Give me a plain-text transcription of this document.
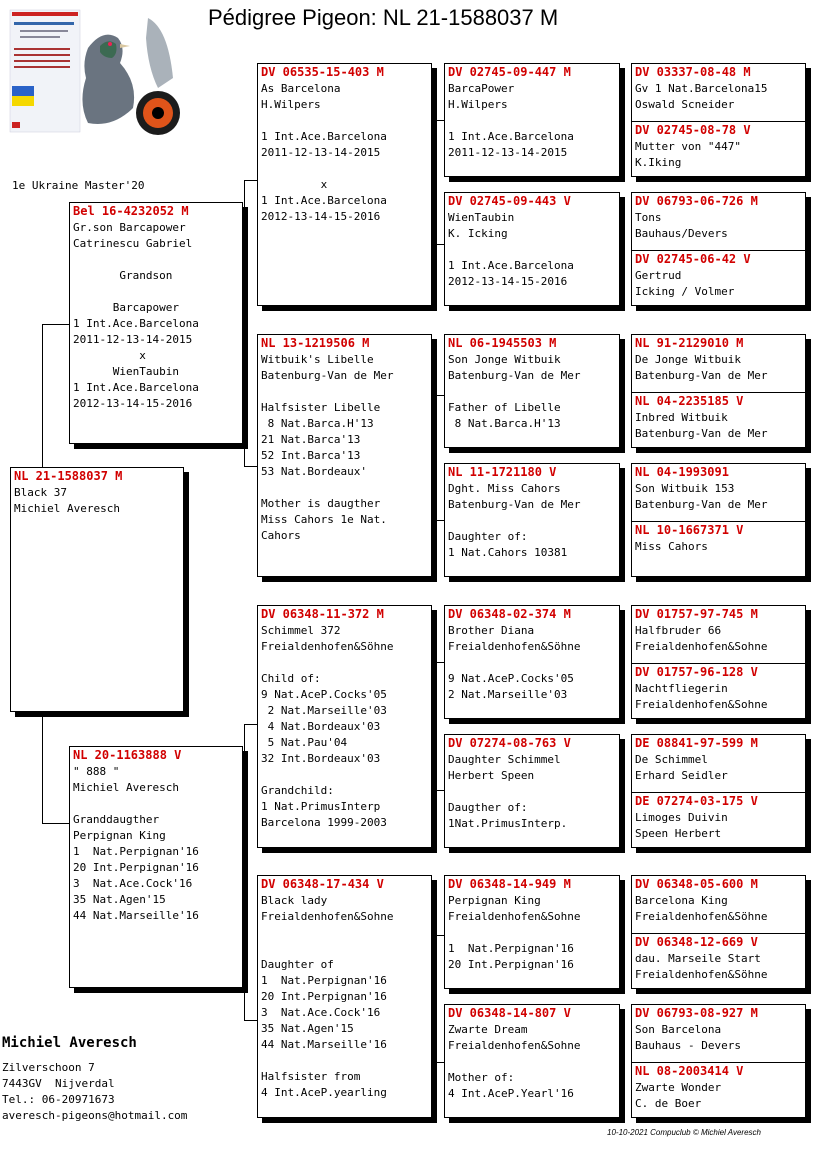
Pédigree Pigeon: NL 21-1588037 M
1e Ukraine Master'20
NL 21-1588037 M
Black 37
Michiel Averesch
Bel 16-4232052 M
Gr.son Barcapower
Catrinescu Gabriel

Grandson

Barcapower
1 Int.Ace.Barcelona
2011-12-13-14-2015
x
WienTaubin
1 Int.Ace.Barcelona
2012-13-14-15-2016
NL 20-1163888 V
" 888 "
Michiel Averesch

Granddaugther
Perpignan King
1  Nat.Perpignan'16
20 Int.Perpignan'16
3  Nat.Ace.Cock'16
35 Nat.Agen'15
44 Nat.Marseille'16
DV 06535-15-403 M
As Barcelona
H.Wilpers

1 Int.Ace.Barcelona
2011-12-13-14-2015

x
1 Int.Ace.Barcelona
2012-13-14-15-2016
NL 13-1219506 M
Witbuik's Libelle
Batenburg-Van de Mer

Halfsister Libelle
8 Nat.Barca.H'13
21 Nat.Barca'13
52 Int.Barca'13
53 Nat.Bordeaux'

Mother is daugther
Miss Cahors 1e Nat.
Cahors
DV 06348-11-372 M
Schimmel 372
Freialdenhofen&Söhne

Child of:
9 Nat.AceP.Cocks'05
2 Nat.Marseille'03
4 Nat.Bordeaux'03
5 Nat.Pau'04
32 Int.Bordeaux'03

Grandchild:
1 Nat.PrimusInterp
Barcelona 1999-2003
DV 06348-17-434 V
Black lady
Freialdenhofen&Sohne

Daughter of
1  Nat.Perpignan'16
20 Int.Perpignan'16
3  Nat.Ace.Cock'16
35 Nat.Agen'15
44 Nat.Marseille'16

Halfsister from
4 Int.AceP.yearling
DV 02745-09-447 M
BarcaPower
H.Wilpers

1 Int.Ace.Barcelona
2011-12-13-14-2015
DV 02745-09-443 V
WienTaubin
K. Icking

1 Int.Ace.Barcelona
2012-13-14-15-2016
NL 06-1945503 M
Son Jonge Witbuik
Batenburg-Van de Mer

Father of Libelle
8 Nat.Barca.H'13
NL 11-1721180 V
Dght. Miss Cahors
Batenburg-Van de Mer

Daughter of:
1 Nat.Cahors 10381
DV 06348-02-374 M
Brother Diana
Freialdenhofen&Söhne

9 Nat.AceP.Cocks'05
2 Nat.Marseille'03
DV 07274-08-763 V
Daughter Schimmel
Herbert Speen

Daugther of:
1Nat.PrimusInterp.
DV 06348-14-949 M
Perpignan King
Freialdenhofen&Sohne

1  Nat.Perpignan'16
20 Int.Perpignan'16
DV 06348-14-807 V
Zwarte Dream
Freialdenhofen&Sohne

Mother of:
4 Int.AceP.Yearl'16
DV 03337-08-48 M
Gv 1 Nat.Barcelona15
Oswald Scneider
DV 02745-08-78 V
Mutter von "447"
K.Iking
DV 06793-06-726 M
Tons
Bauhaus/Devers
DV 02745-06-42 V
Gertrud
Icking / Volmer
NL 91-2129010 M
De Jonge Witbuik
Batenburg-Van de Mer
NL 04-2235185 V
Inbred Witbuik
Batenburg-Van de Mer
NL 04-1993091
Son Witbuik 153
Batenburg-Van de Mer
NL 10-1667371 V
Miss Cahors
DV 01757-97-745 M
Halfbruder 66
Freialdenhofen&Sohne
DV 01757-96-128 V
Nachtfliegerin
Freialdenhofen&Sohne
DE 08841-97-599 M
De Schimmel
Erhard Seidler
DE 07274-03-175 V
Limoges Duivin
Speen Herbert
DV 06348-05-600 M
Barcelona King
Freialdenhofen&Söhne
DV 06348-12-669 V
dau. Marseile Start
Freialdenhofen&Söhne
DV 06793-08-927 M
Son Barcelona
Bauhaus - Devers
NL 08-2003414 V
Zwarte Wonder
C. de Boer
Michiel Averesch
Zilverschoon 7
7443GV  Nijverdal
Tel.: 06-20971673
averesch-pigeons@hotmail.com
10-10-2021 Compuclub © Michiel Averesch
